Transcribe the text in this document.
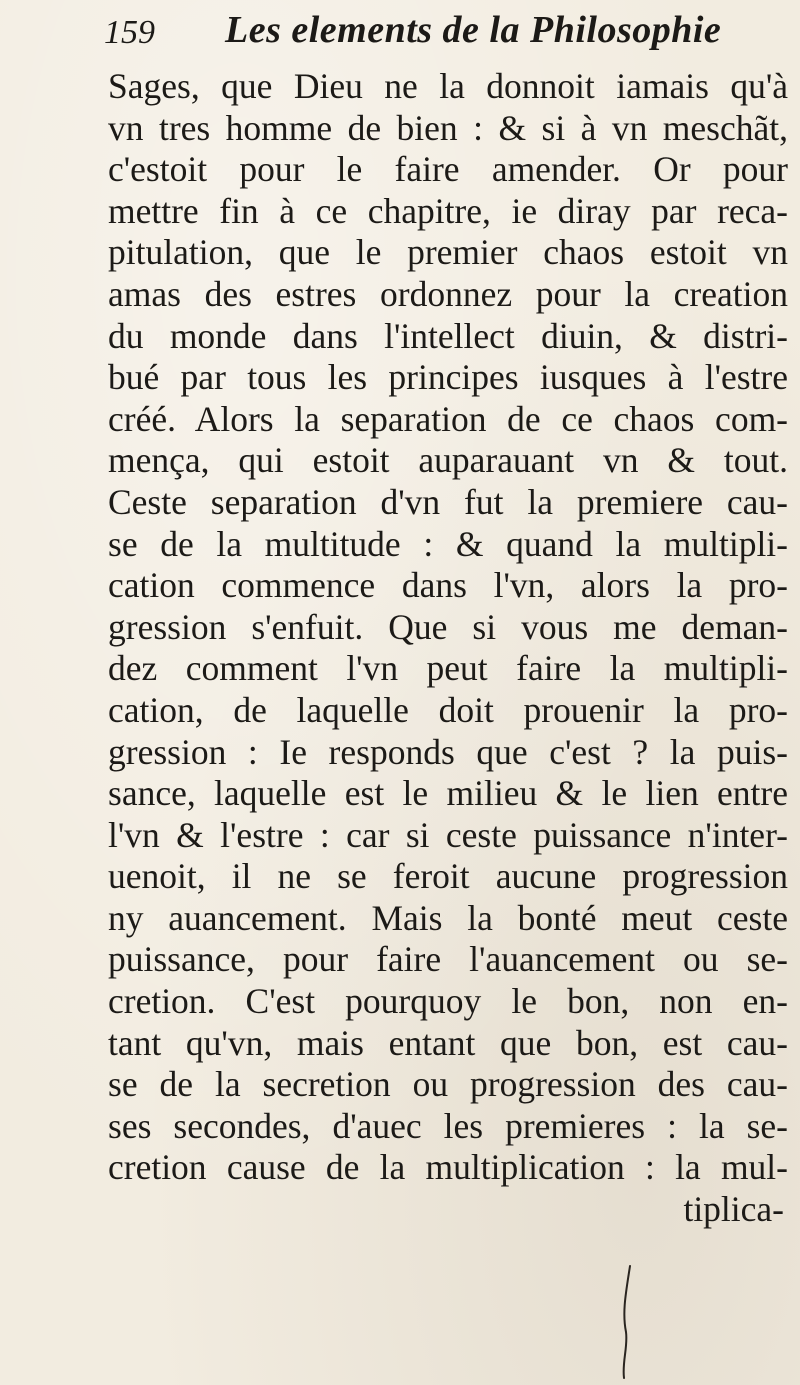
159 Les elements de la Philosophie
Sages, que Dieu ne la donnoit iamais qu'à
vn tres homme de bien : & si à vn meschãt,
c'estoit pour le faire amender. Or pour
mettre fin à ce chapitre, ie diray par reca-
pitulation, que le premier chaos estoit vn
amas des estres ordonnez pour la creation
du monde dans l'intellect diuin, & distri-
bué par tous les principes iusques à l'estre
créé. Alors la separation de ce chaos com-
mença, qui estoit auparauant vn & tout.
Ceste separation d'vn fut la premiere cau-
se de la multitude : & quand la multipli-
cation commence dans l'vn, alors la pro-
gression s'enfuit. Que si vous me deman-
dez comment l'vn peut faire la multipli-
cation, de laquelle doit prouenir la pro-
gression : Ie responds que c'est ? la puis-
sance, laquelle est le milieu & le lien entre
l'vn & l'estre : car si ceste puissance n'inter-
uenoit, il ne se feroit aucune progression
ny auancement. Mais la bonté meut ceste
puissance, pour faire l'auancement ou se-
cretion. C'est pourquoy le bon, non en-
tant qu'vn, mais entant que bon, est cau-
se de la secretion ou progression des cau-
ses secondes, d'auec les premieres : la se-
cretion cause de la multiplication : la mul-
tiplica-
